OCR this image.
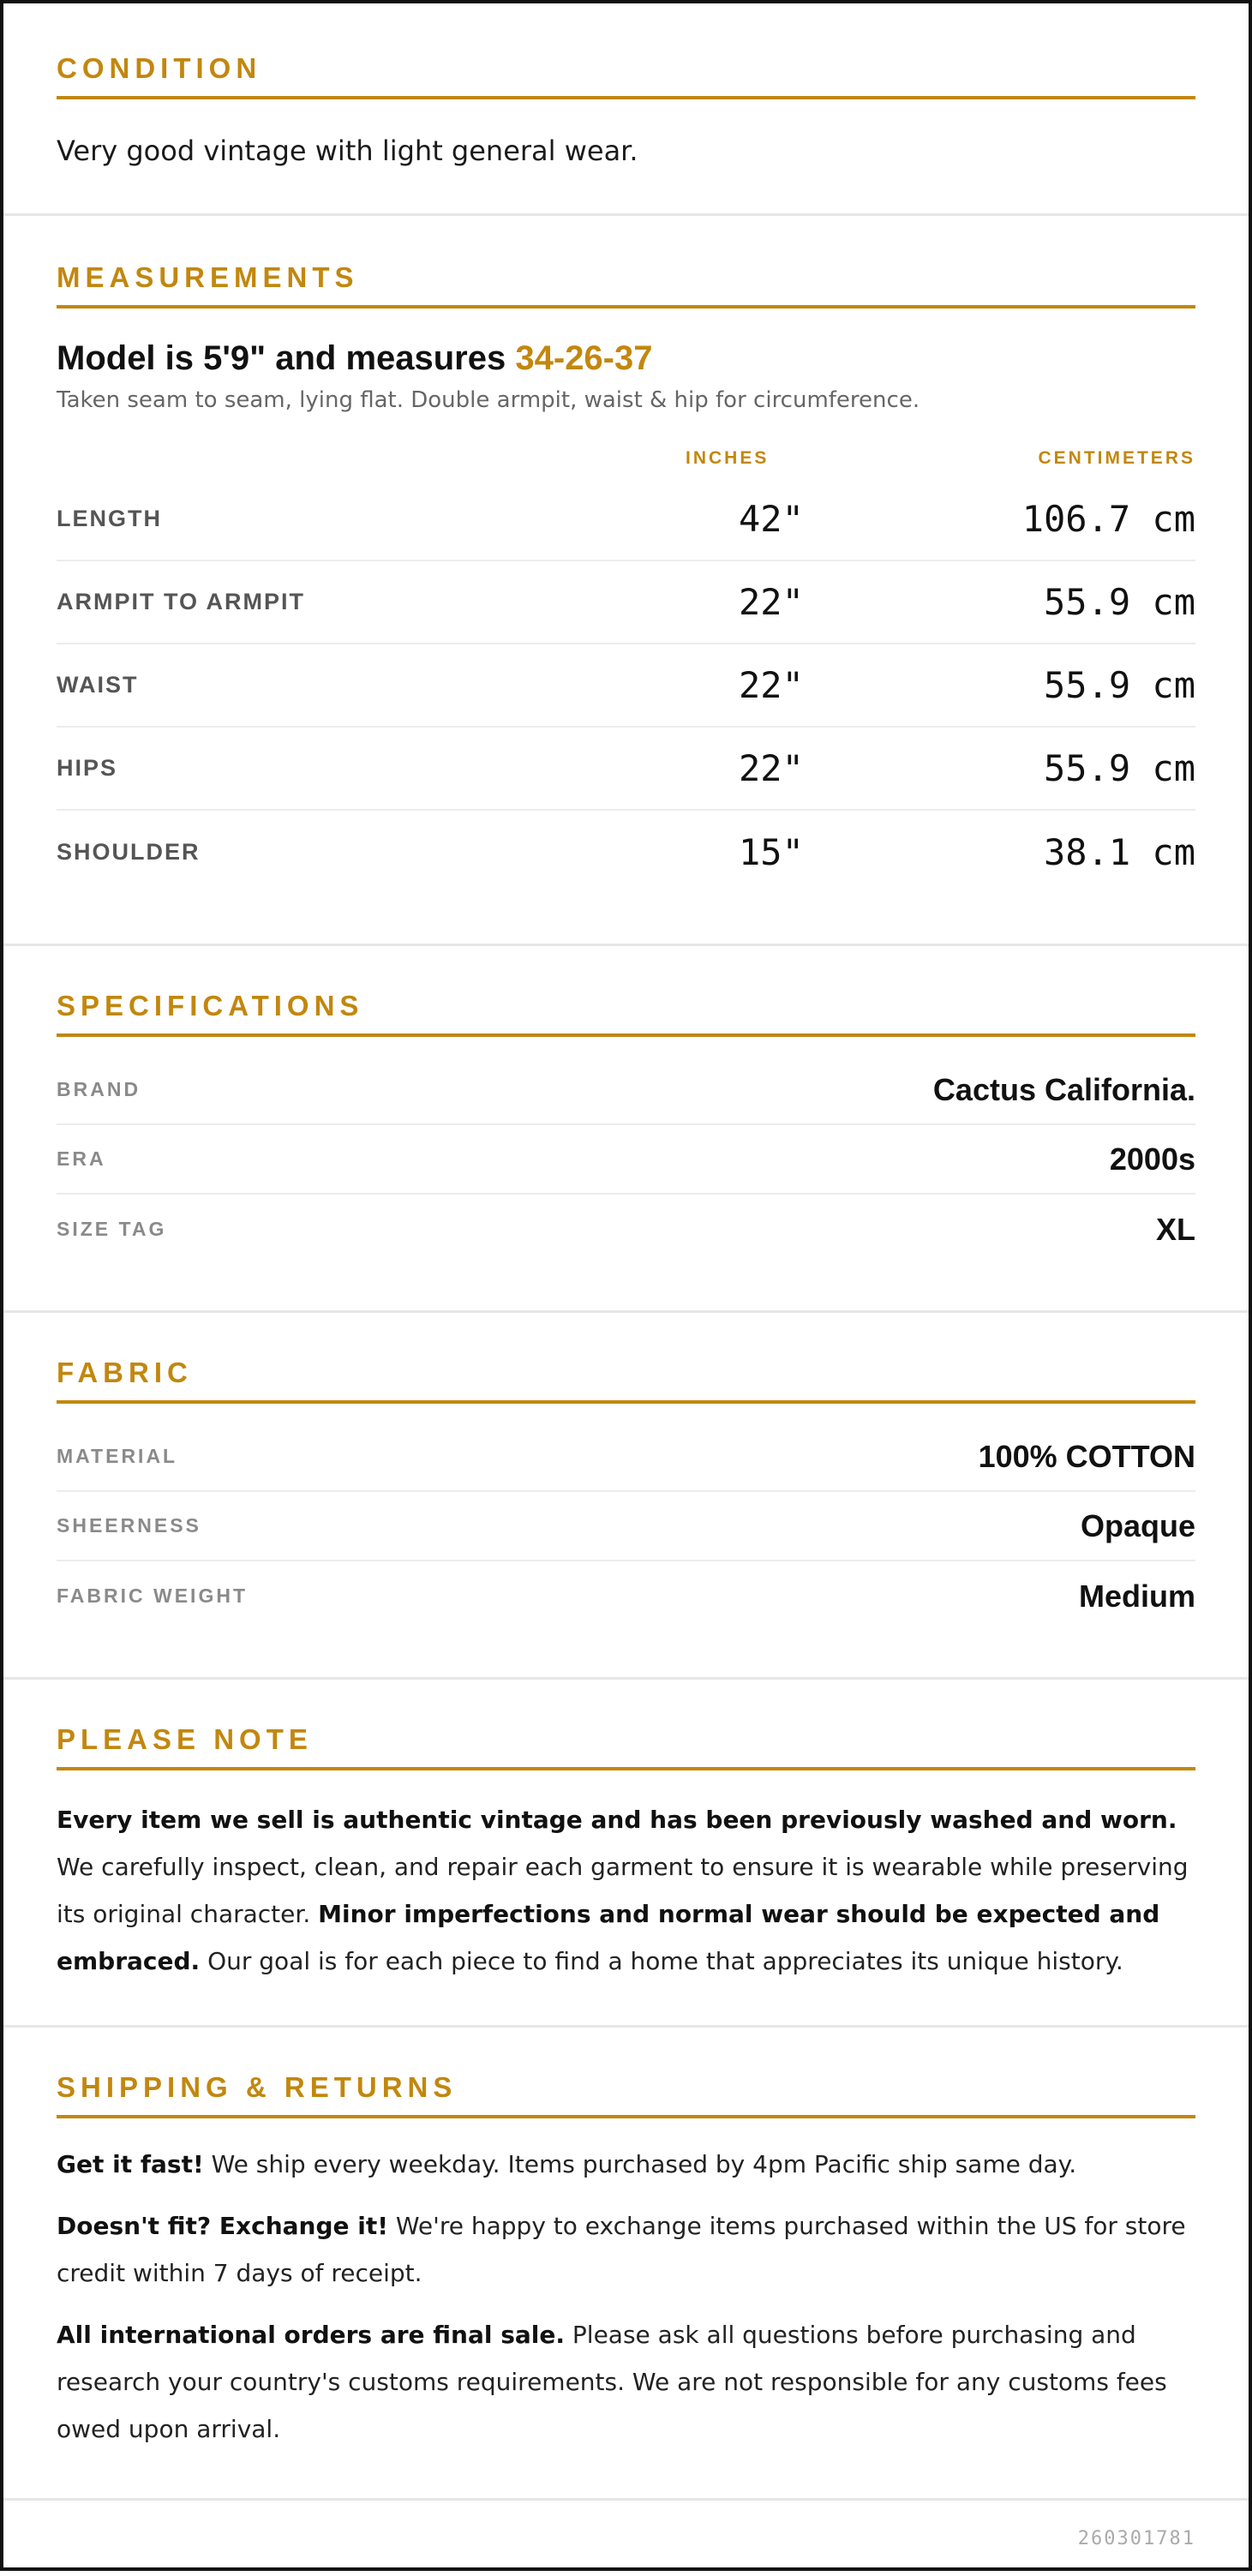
CONDITION
Very good vintage with light general wear.
MEASUREMENTS
Model is 5'9" and measures 34-26-37
Taken seam to seam, lying flat. Double armpit, waist & hip for circumference.
INCHES	CENTIMETERS
LENGTH	42"	106.7 cm
ARMPIT TO ARMPIT	22"	55.9 cm
WAIST	22"	55.9 cm
HIPS	22"	55.9 cm
SHOULDER	15"	38.1 cm
SPECIFICATIONS
BRAND	Cactus California.
ERA	2000s
SIZE TAG	XL
FABRIC
MATERIAL	100% COTTON
SHEERNESS	Opaque
FABRIC WEIGHT	Medium
PLEASE NOTE

Every item we sell is authentic vintage and has been previously washed and worn. We carefully inspect, clean, and repair each garment to ensure it is wearable while preserving its original character. Minor imperfections and normal wear should be expected and embraced. Our goal is for each piece to find a home that appreciates its unique history.

SHIPPING & RETURNS

Get it fast! We ship every weekday. Items purchased by 4pm Pacific ship same day.

Doesn't fit? Exchange it! We're happy to exchange items purchased within the US for store credit within 7 days of receipt.

All international orders are final sale. Please ask all questions before purchasing and research your country's customs requirements. We are not responsible for any customs fees owed upon arrival.

260301781
